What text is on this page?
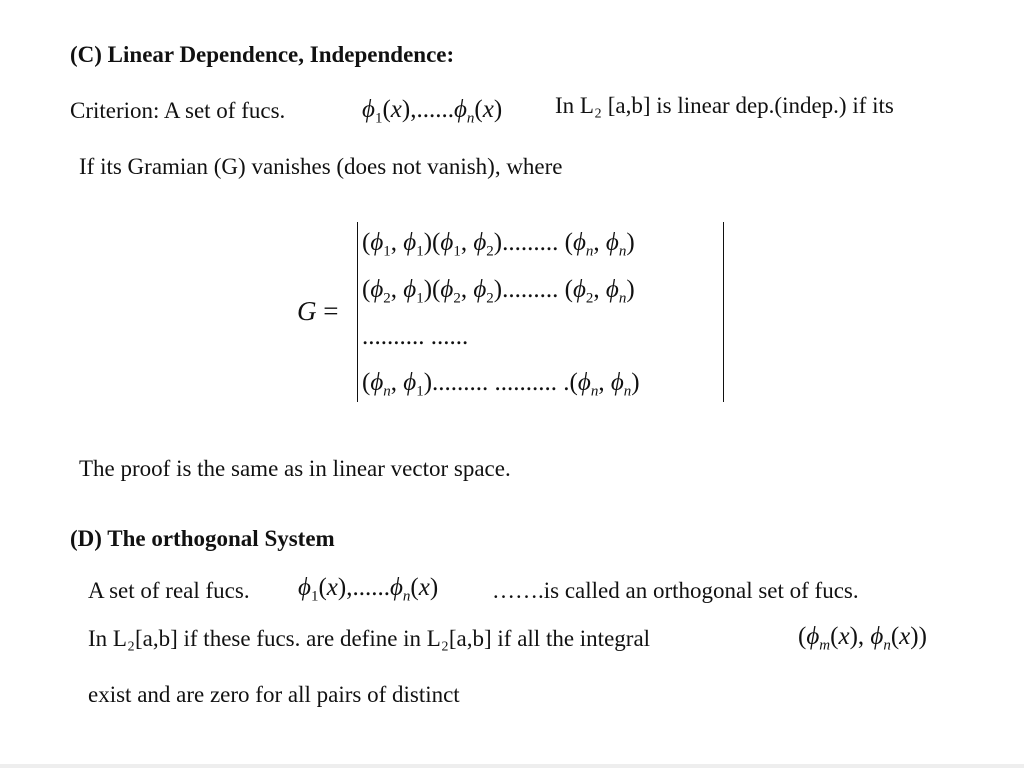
(C) Linear Dependence, Independence:
Criterion: A set of fucs.	$\phi_1(x),......\phi_n(x)$ In L₂ [a,b] is linear dep.(indep.) if its
If its Gramian (G) vanishes (does not vanish), where
G =
($\phi_1$, $\phi_1)(\phi_1$, $\phi_2$)......... ($\phi_n$, $\phi_n$)
($\phi_2$, $\phi_1)(\phi_2$, $\phi_2$)......... ($\phi_2$, $\phi_n$)
.......... ......
($\phi_n$, $\phi_1$)......... .......... $.(\phi_n$, $\phi_n$)
The proof is the same as in linear vector space.
(D) The orthogonal System
A set of real fucs. $\phi_1(x),......\phi_n(x)$ …….is called an orthogonal set of fucs.
In L₂[a,b] if these fucs. are define in L₂[a,b] if all the integral	($\phi_m(x)$, $\phi_n(x)$)
exist and are zero for all pairs of distinct
